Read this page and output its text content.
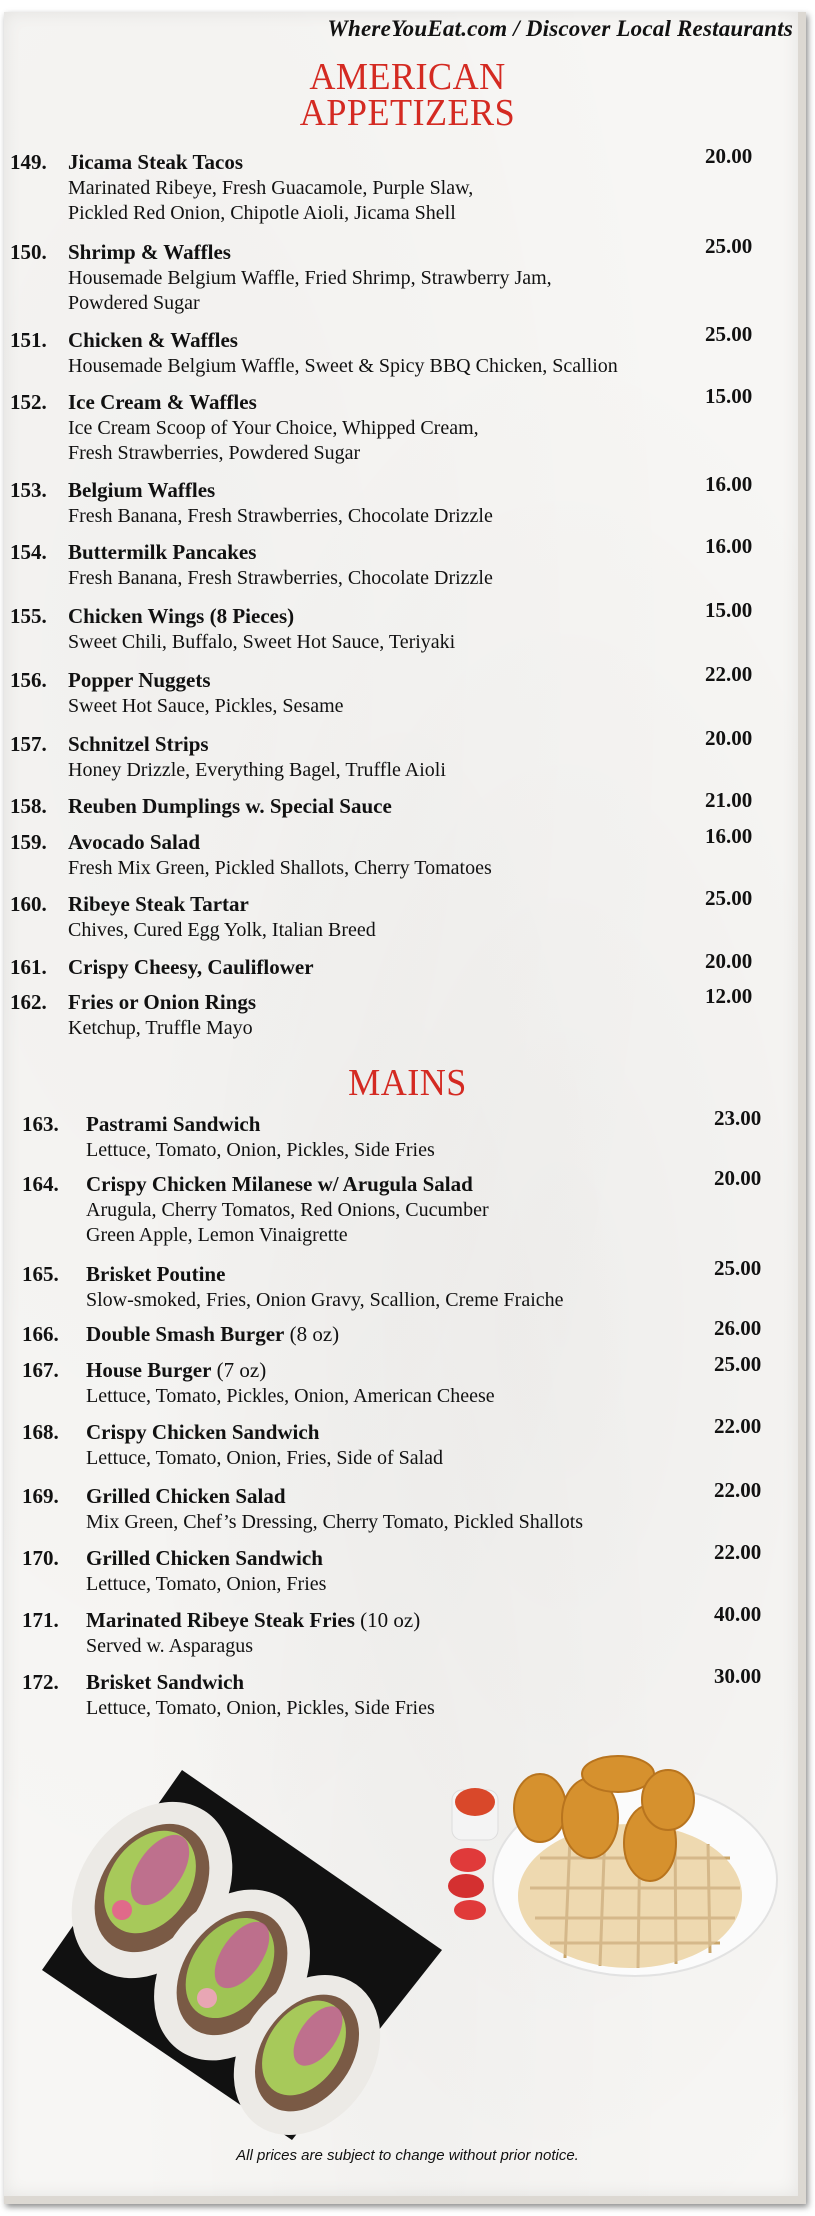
WhereYouEat.com / Discover Local Restaurants
AMERICAN
APPETIZERS
149. Jicama Steak Tacos	20.00
Marinated Ribeye, Fresh Guacamole, Purple Slaw,
Pickled Red Onion, Chipotle Aioli, Jicama Shell
150. Shrimp & Waffles	25.00
Housemade Belgium Waffle, Fried Shrimp, Strawberry Jam,
Powdered Sugar
151. Chicken & Waffles	25.00
Housemade Belgium Waffle, Sweet & Spicy BBQ Chicken, Scallion
152. Ice Cream & Waffles	15.00
Ice Cream Scoop of Your Choice, Whipped Cream,
Fresh Strawberries, Powdered Sugar
153. Belgium Waffles	16.00
Fresh Banana, Fresh Strawberries, Chocolate Drizzle
154. Buttermilk Pancakes	16.00
Fresh Banana, Fresh Strawberries, Chocolate Drizzle
155. Chicken Wings (8 Pieces)	15.00
Sweet Chili, Buffalo, Sweet Hot Sauce, Teriyaki
156. Popper Nuggets	22.00
Sweet Hot Sauce, Pickles, Sesame
157. Schnitzel Strips	20.00
Honey Drizzle, Everything Bagel, Truffle Aioli
158. Reuben Dumplings w. Special Sauce	21.00
159. Avocado Salad	16.00
Fresh Mix Green, Pickled Shallots, Cherry Tomatoes
160. Ribeye Steak Tartar	25.00
Chives, Cured Egg Yolk, Italian Breed
161. Crispy Cheesy, Cauliflower	20.00
162. Fries or Onion Rings	12.00
Ketchup, Truffle Mayo
MAINS
163. Pastrami Sandwich	23.00
Lettuce, Tomato, Onion, Pickles, Side Fries
164. Crispy Chicken Milanese w/ Arugula Salad	20.00
Arugula, Cherry Tomatos, Red Onions, Cucumber
Green Apple, Lemon Vinaigrette
165. Brisket Poutine	25.00
Slow-smoked, Fries, Onion Gravy, Scallion, Creme Fraiche
166. Double Smash Burger (8 oz)	26.00
167. House Burger (7 oz)	25.00
Lettuce, Tomato, Pickles, Onion, American Cheese
168. Crispy Chicken Sandwich	22.00
Lettuce, Tomato, Onion, Fries, Side of Salad
169. Grilled Chicken Salad	22.00
Mix Green, Chef’s Dressing, Cherry Tomato, Pickled Shallots
170. Grilled Chicken Sandwich	22.00
Lettuce, Tomato, Onion, Fries
171. Marinated Ribeye Steak Fries (10 oz)	40.00
Served w. Asparagus
172. Brisket Sandwich	30.00
Lettuce, Tomato, Onion, Pickles, Side Fries
All prices are subject to change without prior notice.
